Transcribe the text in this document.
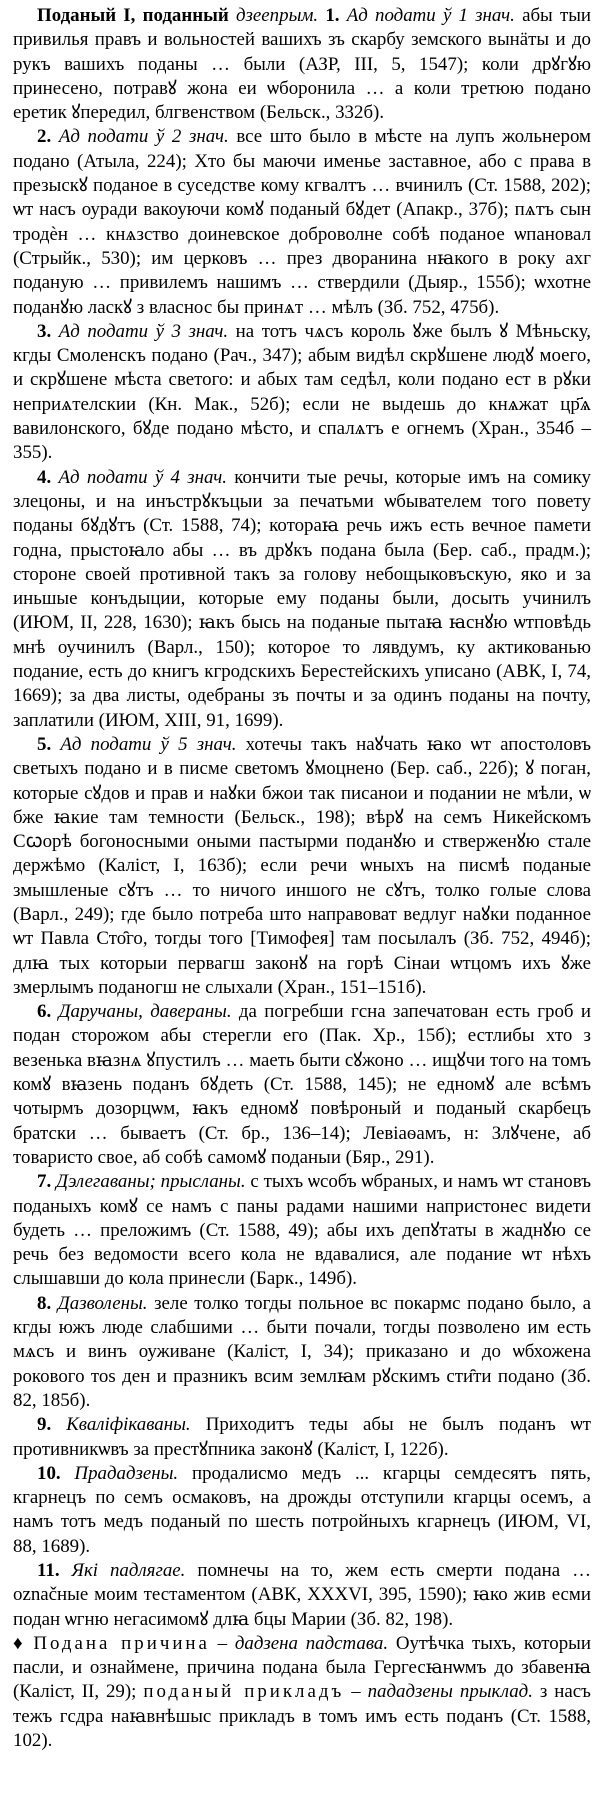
Поданый I, поданный дзеепрым. 1. Ад подати ў 1 знач. абы тыи привилья правъ и вольностей вашихъ зъ скарбу земского вынäты и до рукъ вашихъ поданы … были (АЗР, III, 5, 1547); коли дрꙋгꙋю принесено, потравꙋ жона еи ѡборонила … а коли третюю подано еретик ꙋпередил, блгвенством (Бельск., 332б).

2. Ад подати ў 2 знач. все што было в мѣсте на лупъ жольнером подано (Атыла, 224); Хто бы маючи именье заставное, або с права в презыскꙋ поданое в суседстве кому кгвалтъ … вчинилъ (Ст. 1588, 202); ѡт насъ оуради вакоуючи комꙋ поданый бꙋдет (Апакр., 37б); пѧтъ сын тродѐн … кнѧзство доиневское доброволне собѣ поданое ѡпановал (Стрыйк., 530); им церковъ … през дворанина нꙗкого в року ахг поданую … привилемъ нашимъ … ствердили (Дыяр., 155б); ѡхотне поданꙋю ласкꙋ з власнос бы принѧт … мѣлъ (Зб. 752, 475б).

3. Ад подати ў 3 знач. на тотъ чѧсъ король ꙋже былъ ꙋ Мѣньску, кгды Смоленскъ подано (Рач., 347); абым видѣл скрꙋшене людꙋ моего, и скрꙋшене мѣста светого: и абых там седѣл, коли подано ест в рꙋки неприѧтелскии (Кн. Мак., 52б); если не выдешь до кнѧжат цр҃ѧ вавилонского, бꙋде подано мѣсто, и спалѧтъ е огнемъ (Хран., 354б – 355).

4. Ад подати ў 4 знач. кончити тые речы, которые имъ на сомику злецоны, и на инъстрꙋкъцыи за печатьми ѡбывателем того повету поданы бꙋдꙋтъ (Ст. 1588, 74); котораꙗ речь ижъ есть вечное памети годна, прыстоꙗло абы … въ дрꙋкъ подана была (Бер. саб., прадм.); стороне своей противной такъ за голову небощыковъскую, яко и за иньшые конъдыции, которые ему поданы были, досыть учинилъ (ИЮМ, II, 228, 1630); ꙗкъ бысь на поданые пытаꙗ ꙗснꙋю ѡтповѣдь мнѣ оучинилъ (Варл., 150); которое то лявдумъ, ку актикованью подание, есть до книгъ кгродскихъ Берестейскихъ уписано (АВК, I, 74, 1669); за два листы, одебраны зъ почты и за одинъ поданы на почту, заплатили (ИЮМ, XIII, 91, 1699).

5. Ад подати ў 5 знач. хотечы такъ наꙋчать ꙗко ѡт апостоловъ светыхъ подано и в писме светомъ ꙋмоцнено (Бер. саб., 22б); ꙋ поган, которые сꙋдов и прав и наꙋки бжои так писанои и подании не мѣли, ѡ бже ꙗкие там темности (Бельск., 198); вѣрꙋ на семъ Никейскомъ Сꙍорѣ богоносными оными пастырми поданꙋю и стверженꙋю стале держѣмо (Каліст, I, 163б); если речи ѡныхъ на писмѣ поданые змышленые сꙋтъ … то ничого иншого не сꙋтъ, толко голые слова (Варл., 249); где было потреба што направоват ведлуг наꙋки поданное ѡт Павла Сто̑го, тогды того [Тимофея] там посылалъ (Зб. 752, 494б); длꙗ тых которыи первагш законꙋ на горѣ Сінаи ѡтцомъ ихъ ꙋже змерлымъ поданогш не слыхали (Хран., 151–151б).

6. Даручаны, даверaны. да погребши гсна запечатован есть гроб и подан сторожом абы стерегли его (Пак. Хр., 15б); естлибы хто з везенька вꙗзнѧ ꙋпустилъ … маеть быти сꙋжоно … ищꙋчи того на томъ комꙋ вꙗзень поданъ бꙋдеть (Ст. 1588, 145); не едномꙋ але всѣмъ чотырмъ дозорцѡм, ꙗкъ едномꙋ повѣроный и поданый скарбецъ братски … бываетъ (Ст. бр., 136–14); Левіаѳамъ, н: Злꙋчене, аб товаристо свое, аб собѣ самомꙋ поданыи (Бяр., 291).

7. Дэлегаваны; прысланы. с тыхъ ѡсобъ ѡбраных, и намъ ѡт становъ поданыхъ комꙋ се намъ с паны радами нашими напристонес видети будеть … преложимъ (Ст. 1588, 49); абы ихъ депꙋтаты в жаднꙋю се речь без ведомости всего кола не вдавалися, але подание ѡт нѣхъ слышавши до кола принесли (Барк., 149б).

8. Дазволены. зеле толко тогды польное вс покармс подано было, а кгды южъ люде слабшими … быти почали, тогды позволено им есть мѧсъ и винъ оуживане (Каліст, I, 34); приказано и до ѡбхожена рокового тоѕ ден и празникъ всим землꙗм рꙋскимъ сти̑ти подано (Зб. 82, 185б).

9. Кваліфікаваны. Приходитъ теды абы не былъ поданъ ѡт противникѡвъ за престꙋпника законꙋ (Каліст, I, 122б).

10. Прададзены. продалисмо медъ ... кгарцы семдесятъ пять, кгарнецъ по семъ осмаковъ, на дрожды отступили кгарцы осемъ, а намъ тотъ медъ поданый по шесть потройныхъ кгарнецъ (ИЮМ, VI, 88, 1689).

11. Які падлягае. помнечы на то, жем есть смерти подана … označные моим тестаментом (АВК, XXXVI, 395, 1590); ꙗко жив есми подан ѡгню негасимомꙋ длꙗ бцы Марии (Зб. 82, 198).

♦ Подана причина – дадзена падстава. Оутѣчка тыхъ, которыи пасли, и ознаймене, причина подана была Гергесꙗнѡмъ до збавенꙗ (Каліст, II, 29); поданый прикладъ – пададзены прыклад. з насъ тежъ гсдра наꙗвнѣшыс прикладъ в томъ имъ есть поданъ (Ст. 1588, 102).
